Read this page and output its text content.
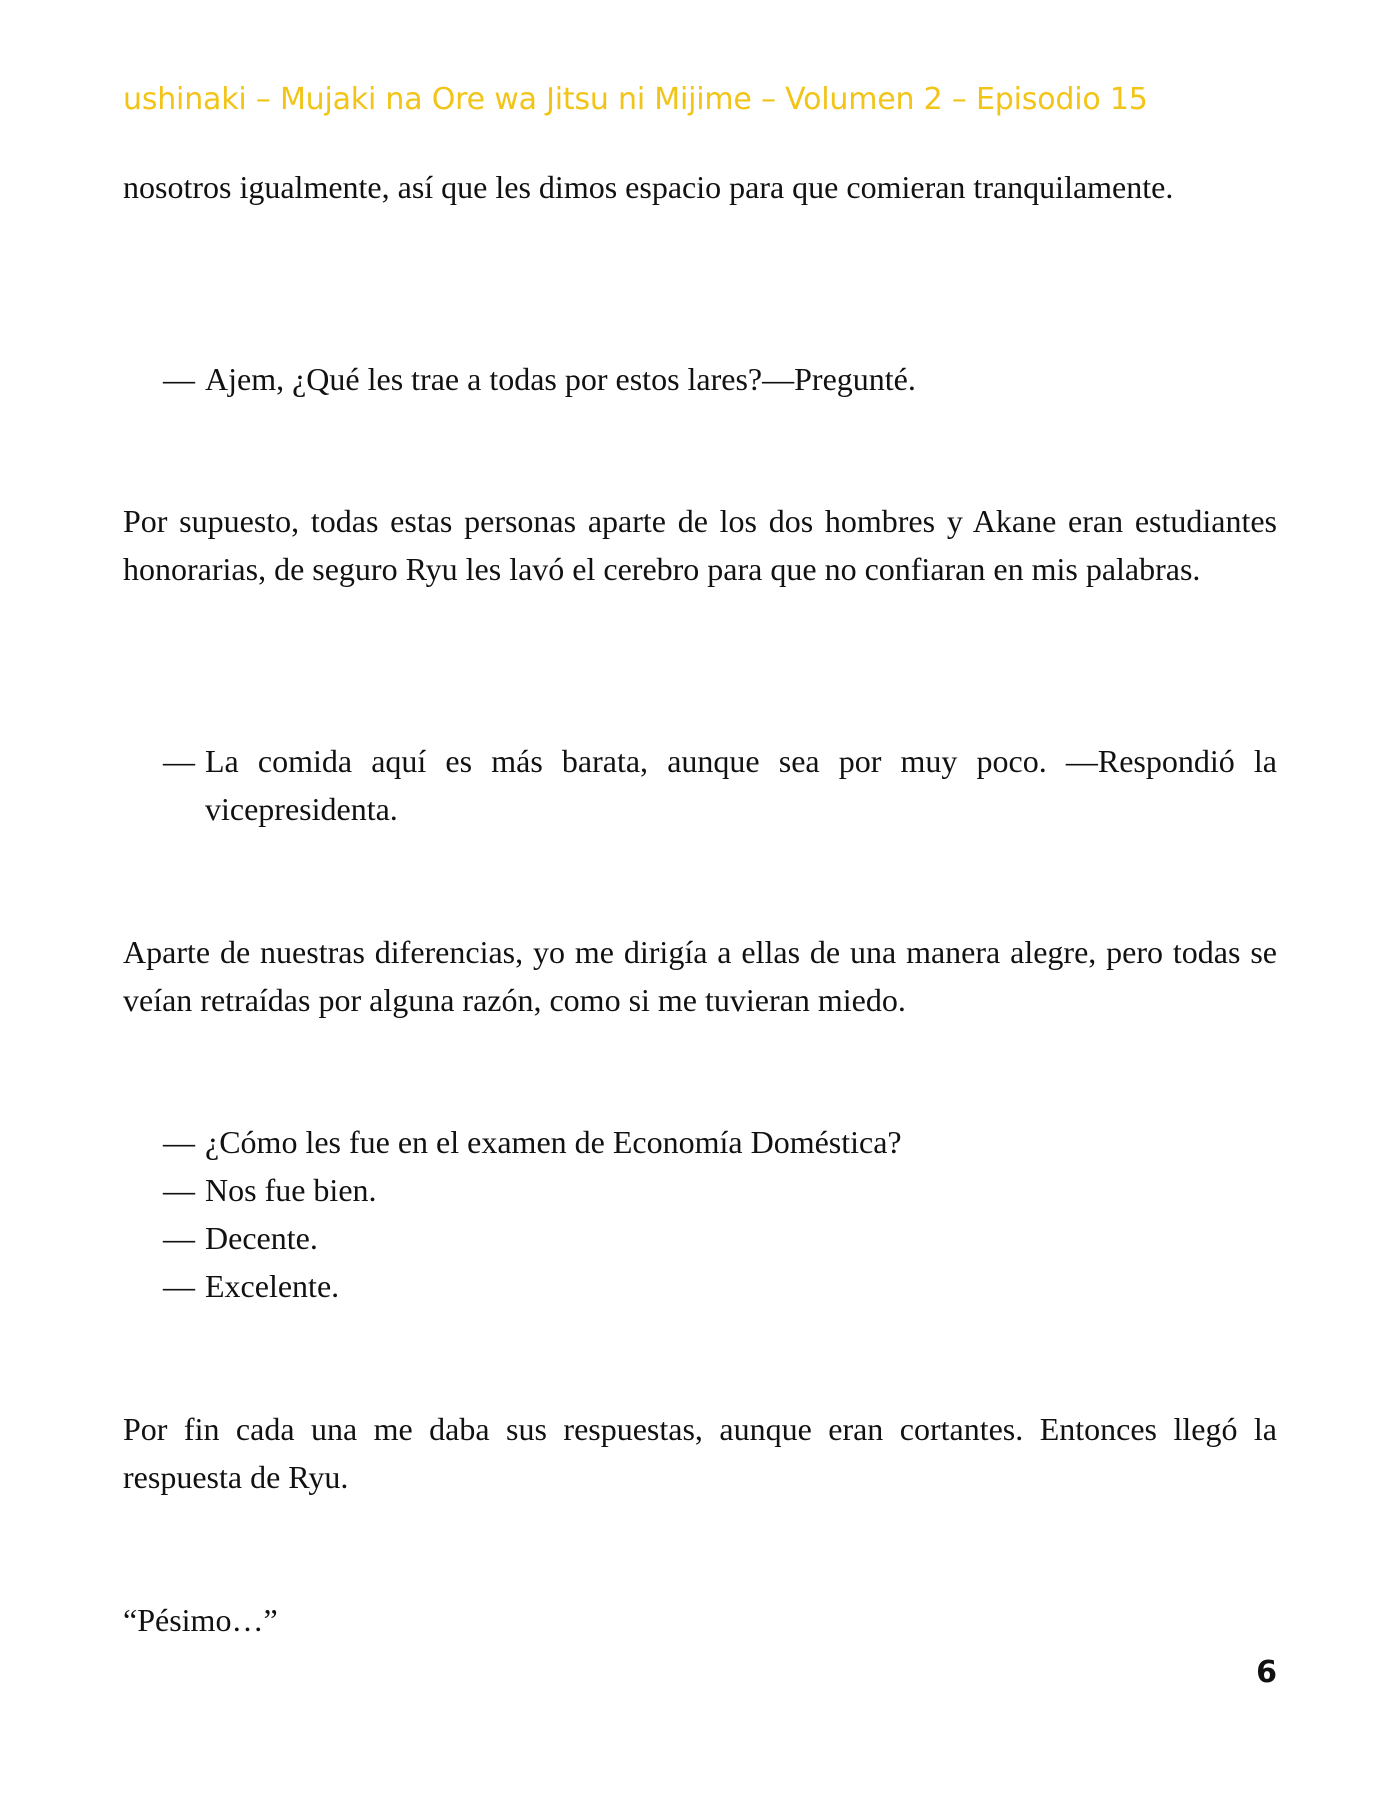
ushinaki – Mujaki na Ore wa Jitsu ni Mijime – Volumen 2 – Episodio 15

nosotros igualmente, así que les dimos espacio para que comieran tranquilamente.

— Ajem, ¿Qué les trae a todas por estos lares?—Pregunté.

Por supuesto, todas estas personas aparte de los dos hombres y Akane eran estudiantes honorarias, de seguro Ryu les lavó el cerebro para que no confiaran en mis palabras.

— La comida aquí es más barata, aunque sea por muy poco. —Respondió la vicepresidenta.

Aparte de nuestras diferencias, yo me dirigía a ellas de una manera alegre, pero todas se veían retraídas por alguna razón, como si me tuvieran miedo.

— ¿Cómo les fue en el examen de Economía Doméstica?

— Nos fue bien.

— Decente.

— Excelente.

Por fin cada una me daba sus respuestas, aunque eran cortantes. Entonces llegó la respuesta de Ryu.

“Pésimo…”

6
